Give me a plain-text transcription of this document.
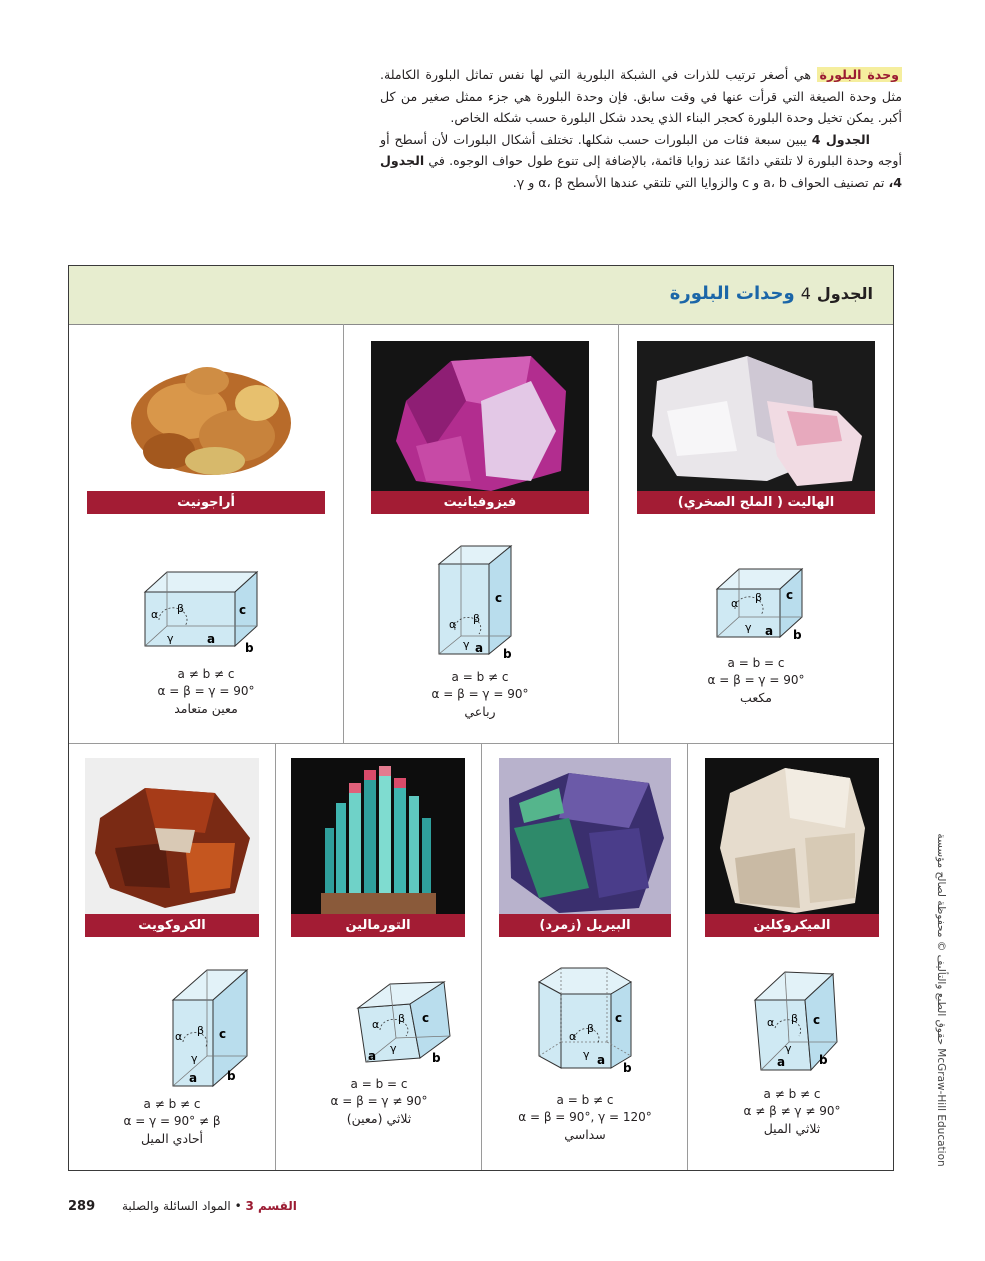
وحدة البلورة هي أصغر ترتيب للذرات في الشبكة البلورية التي لها نفس تماثل البلورة الكاملة. مثل وحدة الصيغة التي قرأت عنها في وقت سابق. فإن وحدة البلورة هي جزء ممثل صغير من كل أكبر. يمكن تخيل وحدة البلورة كحجر البناء الذي يحدد شكل البلورة حسب شكله الخاص.

الجدول 4 يبين سبعة فئات من البلورات حسب شكلها. تختلف أشكال البلورات لأن أسطح أو أوجه وحدة البلورة لا تلتقي دائمًا عند زوايا قائمة، بالإضافة إلى تنوع طول حواف الوجوه. في الجدول 4، تم تصنيف الحواف a، b و c والزوايا التي تلتقي عندها الأسطح α، β و γ.

الجدول4وحدات البلورة
الهاليت ( الملح الصخري)
α β
γ a b
c
a = b = c
α = β = γ = 90°
مكعب
فيزوفيانيت
α β
γ a b
c
a = b ≠ c
α = β = γ = 90°
رباعي
أراجونيت
α β
γ	a
b
c
a ≠ b ≠ c
α = β = γ = 90°
معين متعامد
الميكروكلين
α β
γ
a	b
c
a ≠ b ≠ c
α ≠ β ≠ γ ≠ 90°
ثلاثي الميل
البيريل (زمرد)
α
β
γ a
b
c
a = b ≠ c
α = β = 90°, γ = 120°
سداسي
التورمالين
α β
γ
a	b
c
a = b = c
α = β = γ ≠ 90°
ثلاثي (معين)
الكروكويت
α β
γ
a b
c
a ≠ b ≠ c
α = γ = 90° ≠ β
أحادي الميل
حقوق الطبع والتأليف © محفوظة لصالح مؤسسة McGraw-Hill Education
289	القسم 3 • المواد السائلة والصلبة
